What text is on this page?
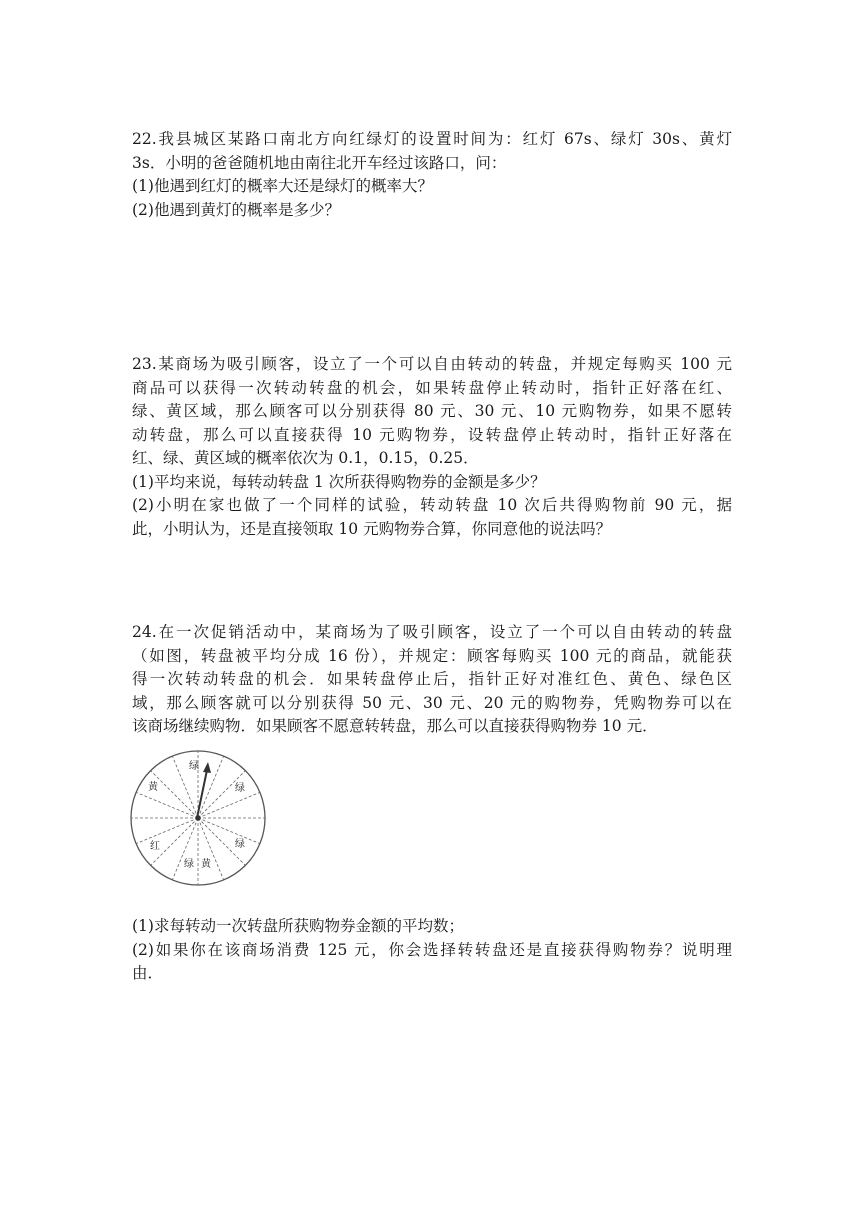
22.我县城区某路口南北方向红绿灯的设置时间为：红灯 67s、绿灯 30s、黄灯
3s．小明的爸爸随机地由南往北开车经过该路口，问：
(1)他遇到红灯的概率大还是绿灯的概率大？
(2)他遇到黄灯的概率是多少？
23.某商场为吸引顾客，设立了一个可以自由转动的转盘，并规定每购买 100 元
商品可以获得一次转动转盘的机会，如果转盘停止转动时，指针正好落在红、
绿、黄区域，那么顾客可以分别获得 80 元、30 元、10 元购物券，如果不愿转
动转盘，那么可以直接获得 10 元购物券，设转盘停止转动时，指针正好落在
红、绿、黄区域的概率依次为 0.1，0.15，0.25．
(1)平均来说，每转动转盘 1 次所获得购物券的金额是多少？
(2)小明在家也做了一个同样的试验，转动转盘 10 次后共得购物前 90 元，据
此，小明认为，还是直接领取 10 元购物券合算，你同意他的说法吗？
24.在一次促销活动中，某商场为了吸引顾客，设立了一个可以自由转动的转盘
（如图，转盘被平均分成 16 份），并规定：顾客每购买 100 元的商品，就能获
得一次转动转盘的机会．如果转盘停止后，指针正好对准红色、黄色、绿色区
域，那么顾客就可以分别获得 50 元、30 元、20 元的购物券，凭购物券可以在
该商场继续购物．如果顾客不愿意转转盘，那么可以直接获得购物券 10 元．
绿
绿
绿
绿
黄
黄
红
(1)求每转动一次转盘所获购物券金额的平均数；
(2)如果你在该商场消费 125 元，你会选择转转盘还是直接获得购物券？说明理
由．
